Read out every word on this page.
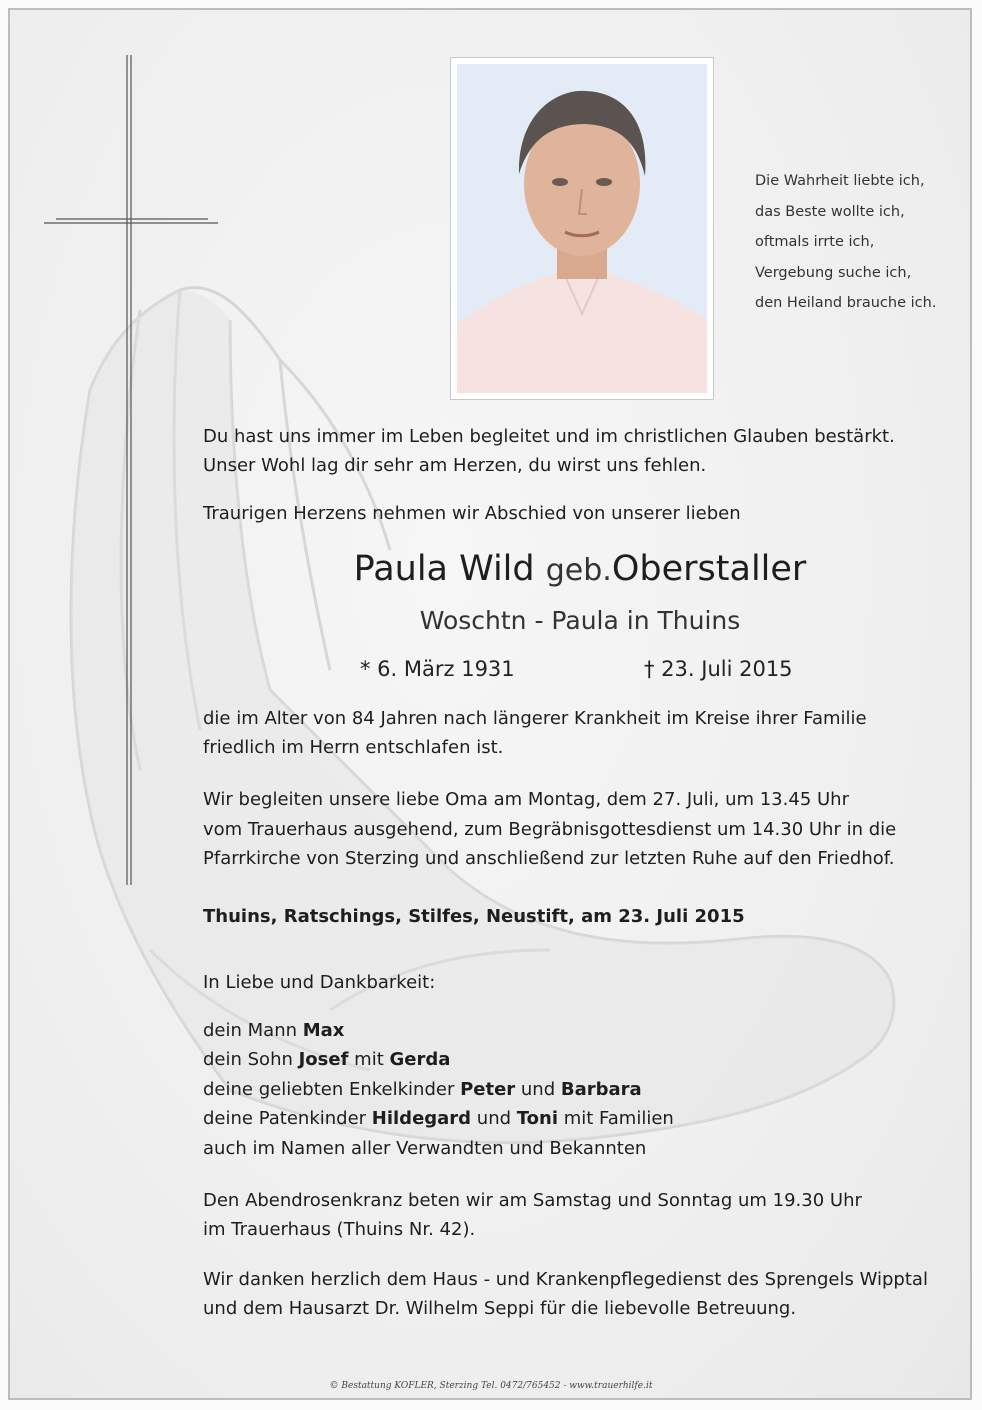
Die Wahrheit liebte ich,
das Beste wollte ich,
oftmals irrte ich,
Vergebung suche ich,
den Heiland brauche ich.
Du hast uns immer im Leben begleitet und im christlichen Glauben bestärkt.
Unser Wohl lag dir sehr am Herzen, du wirst uns fehlen.
Traurigen Herzens nehmen wir Abschied von unserer lieben
Paula Wild geb.Oberstaller
Woschtn - Paula in Thuins
* 6. März 1931	† 23. Juli 2015
die im Alter von 84 Jahren nach längerer Krankheit im Kreise ihrer Familie
friedlich im Herrn entschlafen ist.
Wir begleiten unsere liebe Oma am Montag, dem 27. Juli, um 13.45 Uhr
vom Trauerhaus ausgehend, zum Begräbnisgottesdienst um 14.30 Uhr in die
Pfarrkirche von Sterzing und anschließend zur letzten Ruhe auf den Friedhof.
Thuins, Ratschings, Stilfes, Neustift, am 23. Juli 2015
In Liebe und Dankbarkeit:
dein Mann Max
dein Sohn Josef mit Gerda
deine geliebten Enkelkinder Peter und Barbara
deine Patenkinder Hildegard und Toni mit Familien
auch im Namen aller Verwandten und Bekannten
Den Abendrosenkranz beten wir am Samstag und Sonntag um 19.30 Uhr
im Trauerhaus (Thuins Nr. 42).
Wir danken herzlich dem Haus - und Krankenpflegedienst des Sprengels Wipptal
und dem Hausarzt Dr. Wilhelm Seppi für die liebevolle Betreuung.
© Bestattung KOFLER, Sterzing Tel. 0472/765452 - www.trauerhilfe.it
